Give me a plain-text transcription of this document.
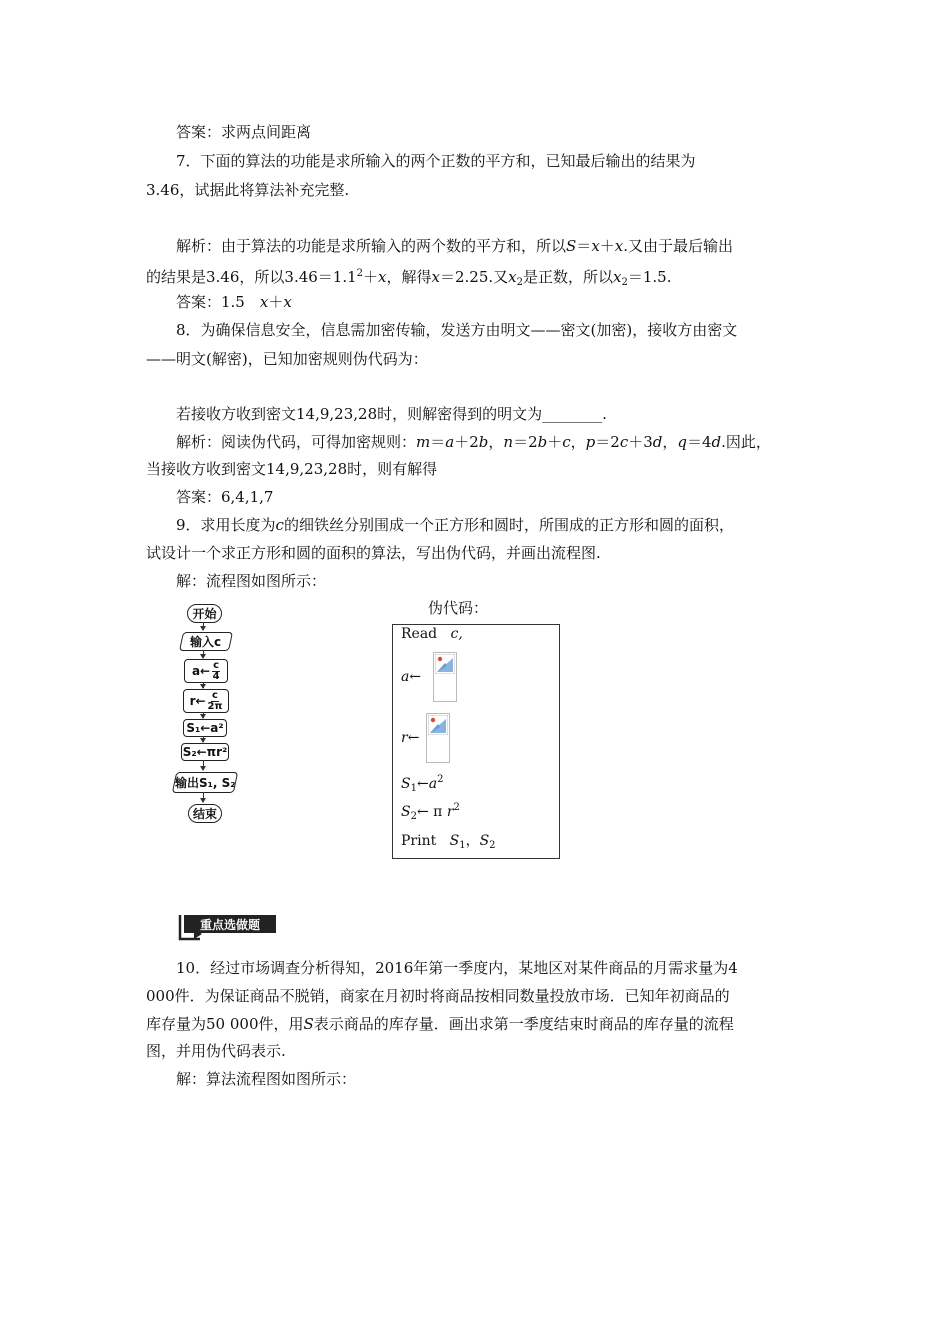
答案：求两点间距离
7．下面的算法的功能是求所输入的两个正数的平方和，已知最后输出的结果为
3.46，试据此将算法补充完整.
解析：由于算法的功能是求所输入的两个数的平方和，所以S＝x＋x.又由于最后输出
的结果是3.46，所以$3.46=1.1^2+x$，解得x＝2.25.又$x_2$是正数，所以$x_2=1.5$.
答案：1.5　x＋x
8．为确保信息安全，信息需加密传输，发送方由明文——密文(加密)，接收方由密文
——明文(解密)，已知加密规则伪代码为：
若接收方收到密文14,9,23,28时，则解密得到的明文为________.
解析：阅读伪代码，可得加密规则：m＝a＋2b，n＝2b＋c，p＝2c＋3d，q＝4d.因此，
当接收方收到密文14,9,23,28时，则有解得
答案：6,4,1,7
9．求用长度为c的细铁丝分别围成一个正方形和圆时，所围成的正方形和圆的面积，
试设计一个求正方形和圆的面积的算法，写出伪代码，并画出流程图.
解：流程图如图所示：
开始
输入c
a← $\frac{c}{4}$
r← $\frac{c}{2\pi}$
S₁←a²
S₂←πr²
输出S₁, S₂
结束
伪代码：
Read c,
a←
r←
$S_1\leftarrow a^2$
$S_2\leftarrow$ π $r^2$
Print $S_1$，$S_2$
重点选做题
10．经过市场调查分析得知，2016年第一季度内，某地区对某件商品的月需求量为4
000件．为保证商品不脱销，商家在月初时将商品按相同数量投放市场．已知年初商品的
库存量为50 000件，用S表示商品的库存量．画出求第一季度结束时商品的库存量的流程
图，并用伪代码表示.
解：算法流程图如图所示：
